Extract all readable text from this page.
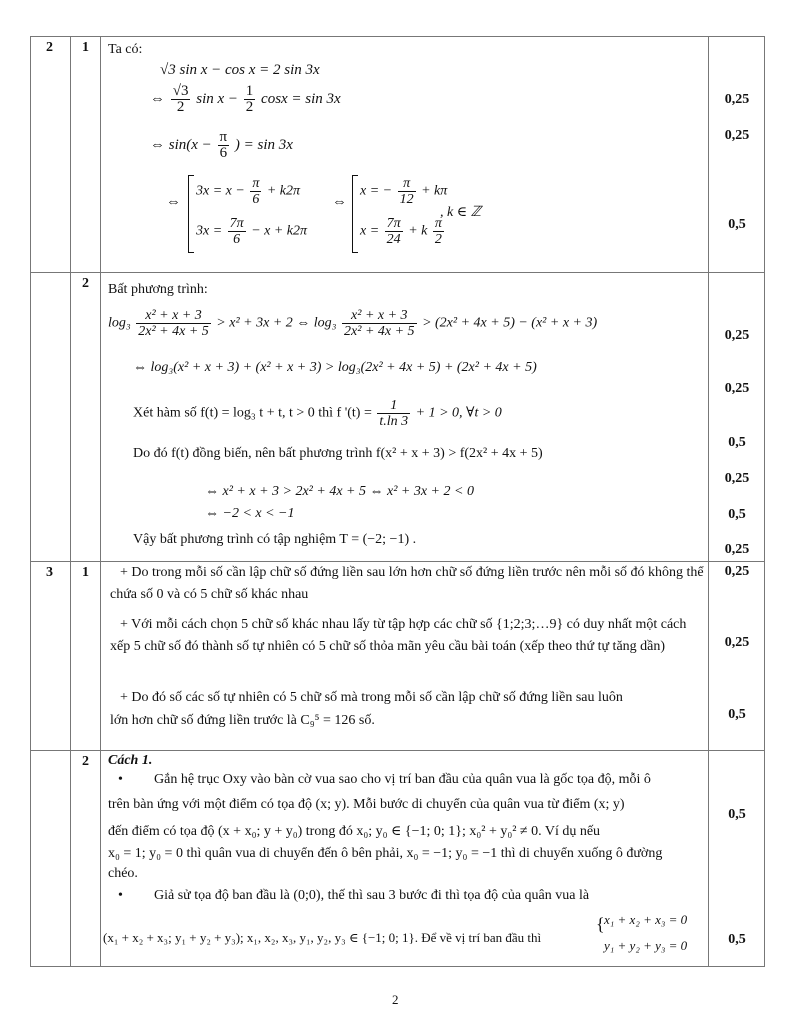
2 1
2
3 1
2
Ta có:
√3 sin x − cos x = 2 sin 3x
⇔ $\frac{√3}{2}$ $\sin x - \frac{1}{2}$ cosx = sin 3x
⇔ $\sin(x - \frac{\pi}{6}$ ) = sin 3x
⇔
$3x = x - \frac{\pi}{6} + k2\pi$
$3x = \frac{7\pi}{6} - x + k2\pi$
⇔
x = − $\frac{\pi}{12} + k\pi$
$x = \frac{7\pi}{24} + k \frac{\pi}{2}$
, k ∈ ℤ
0,25
0,25
0,5
Bất phương trình:
$\log_3 \frac{\text{x² + x + 3}}{\text{2x² + 4x + 5}} > x^2 + 3x + 2$ ⇔ $\log_3 \frac{\text{x² + x + 3}}{\text{2x² + 4x + 5}} > (2x^2 + 4x + 5) - (x^2 + x + 3)$
⇔ log₃(x² + x + 3) + (x² + x + 3) > log₃(2x² + 4x + 5) + (2x² + 4x + 5)
Xét hàm số f(t) = log₃ t + t, t > 0 thì f '$(t) = \frac{1}{t.\ln 3} + 1 > 0$, ∀t > 0
Do đó f(t) đồng biến, nên bất phương trình f(x² + x + 3) > f(2x² + 4x + 5)
⇔ x² + x + 3 > 2x² + 4x + 5 ⇔ x² + 3x + 2 < 0
⇔ −2 < x < −1
Vậy bất phương trình có tập nghiệm T = (−2; −1) .
0,25
0,25
0,5
0,25
0,5
0,25
+ Do trong mỗi số cần lập chữ số đứng liền sau lớn hơn chữ số đứng liền trước nên mỗi số đó không thể chứa số 0 và có 5 chữ số khác nhau
+ Với mỗi cách chọn 5 chữ số khác nhau lấy từ tập hợp các chữ số {1;2;3;…9} có duy nhất một cách xếp 5 chữ số đó thành số tự nhiên có 5 chữ số thỏa mãn yêu cầu bài toán (xếp theo thứ tự tăng dần)
+ Do đó số các số tự nhiên có 5 chữ số mà trong mỗi số cần lập chữ số đứng liền sau luôn
lớn hơn chữ số đứng liền trước là C₉⁵ = 126 số.
0,25
0,25
0,5
Cách 1.
• Gắn hệ trục Oxy vào bàn cờ vua sao cho vị trí ban đầu của quân vua là gốc tọa độ, mỗi ô
trên bàn ứng với một điểm có tọa độ (x; y). Mỗi bước di chuyển của quân vua từ điểm (x; y)
đến điểm có tọa độ (x + x₀; y + y₀) trong đó x₀; y₀ ∈ {−1; 0; 1}; x₀² + y₀² ≠ 0. Ví dụ nếu
x₀ = 1; y₀ = 0 thì quân vua di chuyển đến ô bên phải, x₀ = −1; y₀ = −1 thì di chuyển xuống ô đường
chéo.
• Giả sử tọa độ ban đầu là (0;0), thế thì sau 3 bước đi thì tọa độ của quân vua là
(x₁ + x₂ + x₃; y₁ + y₂ + y₃); x₁, x₂, x₃, y₁, y₂, y₃ ∈ {−1; 0; 1}. Để về vị trí ban đầu thì
{ x₁ + x₂ + x₃ = 0
y₁ + y₂ + y₃ = 0
0,5
0,5
2
